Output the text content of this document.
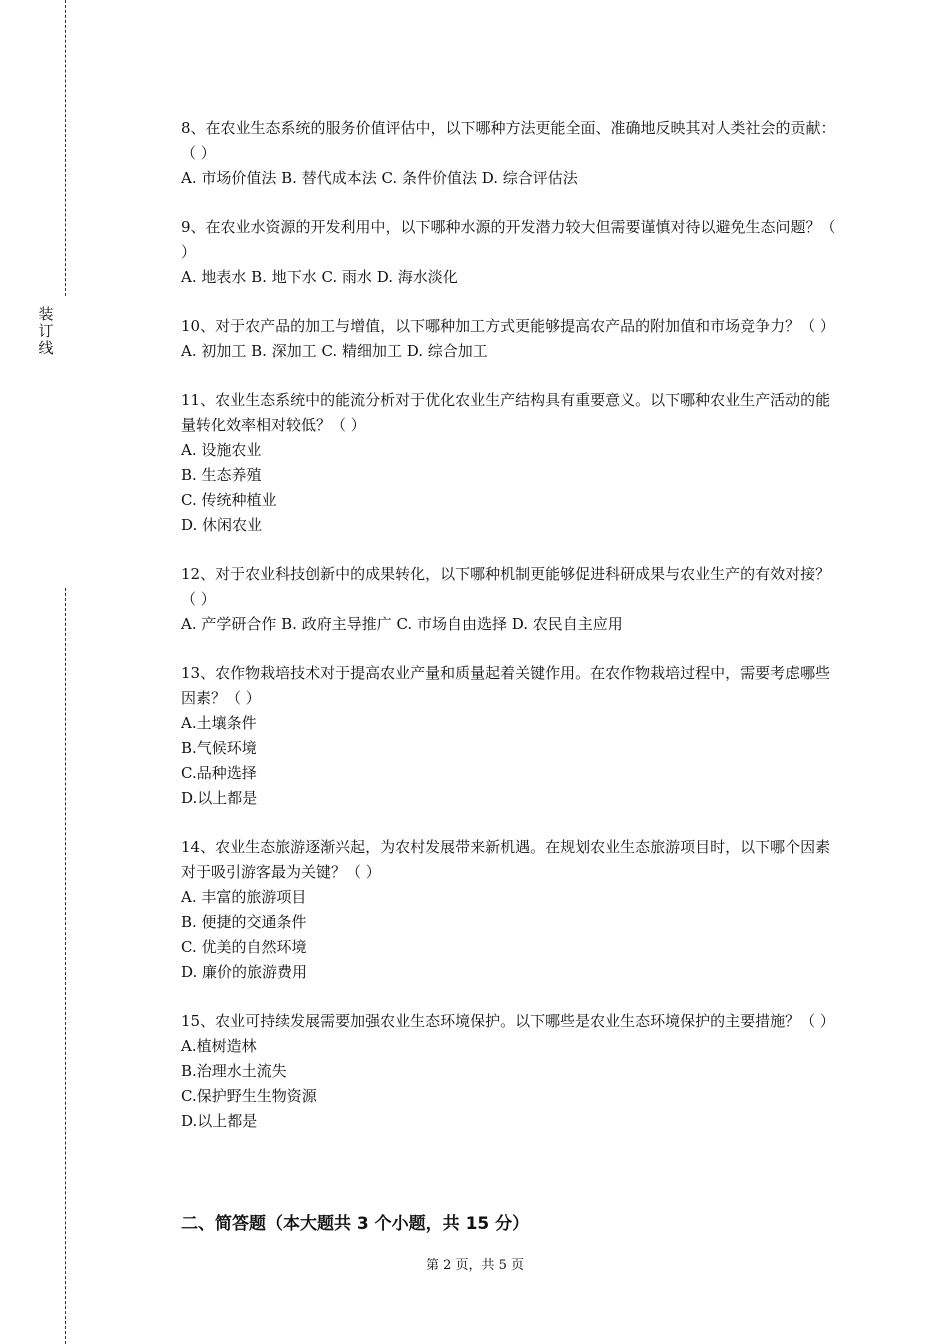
装
订
线

8、在农业生态系统的服务价值评估中，以下哪种方法更能全面、准确地反映其对人类社会的贡献：（ ）

A. 市场价值法 B. 替代成本法 C. 条件价值法 D. 综合评估法

9、在农业水资源的开发利用中，以下哪种水源的开发潜力较大但需要谨慎对待以避免生态问题？（ ）

A. 地表水 B. 地下水 C. 雨水 D. 海水淡化

10、对于农产品的加工与增值，以下哪种加工方式更能够提高农产品的附加值和市场竞争力？（ ）

A. 初加工 B. 深加工 C. 精细加工 D. 综合加工

11、农业生态系统中的能流分析对于优化农业生产结构具有重要意义。以下哪种农业生产活动的能量转化效率相对较低？（ ）

A. 设施农业

B. 生态养殖

C. 传统种植业

D. 休闲农业

12、对于农业科技创新中的成果转化，以下哪种机制更能够促进科研成果与农业生产的有效对接？（ ）

A. 产学研合作 B. 政府主导推广 C. 市场自由选择 D. 农民自主应用

13、农作物栽培技术对于提高农业产量和质量起着关键作用。在农作物栽培过程中，需要考虑哪些因素？（ ）

A.土壤条件

B.气候环境

C.品种选择

D.以上都是

14、农业生态旅游逐渐兴起，为农村发展带来新机遇。在规划农业生态旅游项目时，以下哪个因素对于吸引游客最为关键？（ ）

A. 丰富的旅游项目

B. 便捷的交通条件

C. 优美的自然环境

D. 廉价的旅游费用

15、农业可持续发展需要加强农业生态环境保护。以下哪些是农业生态环境保护的主要措施？（ ）

A.植树造林

B.治理水土流失

C.保护野生生物资源

D.以上都是

二、简答题（本大题共 3 个小题，共 15 分）
第 2 页，共 5 页
